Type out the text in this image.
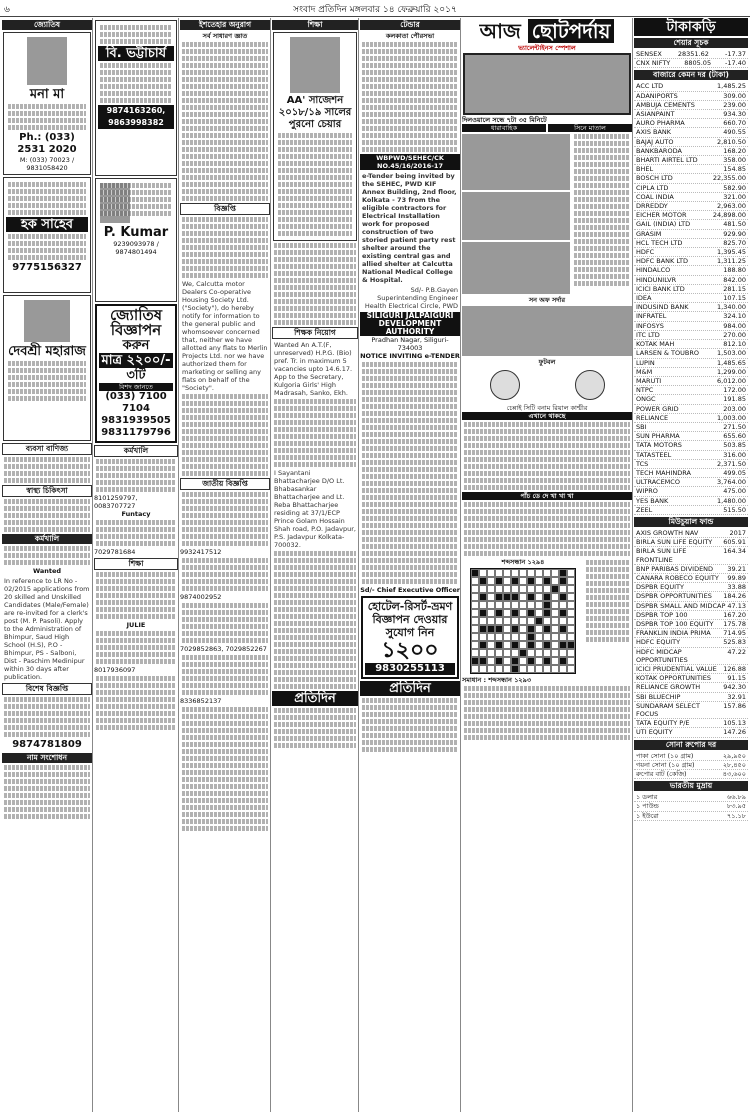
৬	সংবাদ প্রতিদিন মঙ্গলবার ১৪ ফেব্রুয়ারি ২০১৭
জ্যোতিষ
মনা মা
Ph.: (033) 2531 2020
M: (033) 70023 / 9831058420
হক সাহেব
9775156327
দেবশ্রী মহারাজ
ব্যবসা বাণিজ্য
স্বাস্থ্য চিকিৎসা
কর্মখালি
Wanted

In reference to LR No - 02/2015 applications from 20 skilled and Unskilled Candidates (Male/Female) are re-invited for a clerk's post (M. P. Pasoli). Apply to the Administration of Bhimpur, Saud High School (H.S), P.O - Bhimpur, PS - Salboni, Dist - Paschim Medinipur within 30 days after publication.

বিশেষ বিজ্ঞপ্তি
9874781809
নাম সংশোধন
বি. ভট্টাচার্য
9874163260, 9863998382
P. Kumar
9239093978 / 9874801494
জ্যোতিষ
বিজ্ঞাপন
করুন
মাত্র ২২০০/-
৩টি
বিশদ জানতে
(033) 7100 7104
9831939505
9831179796
কর্মখালি
8101259797, 0083707727
Funtacy
7029781684
শিক্ষা
JULIE
8017936097
ইশতেহার অনুরাগ
সর্ব সাধারণ জ্ঞাত
বিজ্ঞপ্তি

We, Calcutta motor Dealers Co-operative Housing Society Ltd. ("Society"), do hereby notify for information to the general public and whomsoever concerned that, neither we have allotted any flats to Merlin Projects Ltd. nor we have authorized them for marketing or selling any flats on behalf of the "Society".

জাতীয় বিজ্ঞপ্তি
9932417512
9874002952
7029852863, 7029852267
8336852137
শিক্ষা
AA' সাজেশন ২০১৮/১৯ সালের পুরনো চেয়ার
শিক্ষক নিয়োগ

Wanted An A.T.(F, unreserved) H.P.G. (Bio) pref. Tr. in maximum 5 vacancies upto 14.6.17. App to the Secretary, Kulgoria Girls' High Madrasah, Sanko, Ekh.

I Sayantani Bhattacharjee D/O Lt. Bhabasankar Bhattacharjee and Lt. Reba Bhattacharjee residing at 37/1/ECP Prince Golam Hossain Shah road, P.O. Jadavpur, P.S. Jadavpur Kolkata-700032.

প্রতিদিন
টেন্ডার
কলকাতা পৌরসভা
WBPWD/SEHEC/CK NO.45/16/2016-17

e-Tender being invited by the SEHEC, PWD KIF Annex Building, 2nd floor, Kolkata - 73 from the eligible contractors for Electrical Installation work for proposed construction of two storied patient party rest shelter around the existing central gas and allied shelter at Calcutta National Medical College & Hospital.

Sd/- P.B.Gayen Superintending Engineer Health Electrical Circle, PWD

SILIGURI JALPAIGURI DEVELOPMENT AUTHORITY
Pradhan Nagar, Siliguri-734003
NOTICE INVITING e-TENDER
Sd/- Chief Executive Officer
হোটেল-রিসর্ট-ভ্রমণ বিজ্ঞাপন দেওয়ার সুযোগ নিন
১২০০
9830255113
প্রতিদিন
আজ ছোটপর্দায়
ভ্যালেন্টাইনস স্পেশাল
দিলওয়ালে সন্ধে ৭টা ৩৫ মিনিটে
ধারাবাহিক	সিনে মাতাল
সন অফ সর্দার
ফুটবল
চেন্নাই সিটি বনাম রিয়াল কাশ্মীর
এখানে থাকছে
পাঁচ ডে দে খা খা খা
শব্দসন্ধান ১২৯৪
সমাধান : শব্দসন্ধান ১২৯৩
টাকাকড়ি
শেয়ার সূচক
SENSEX 28351.62 -17.37
CNX NIFTY 8805.05 -17.40
বাজারে কেমন দর (টাকা)
ACC LTD	1,485.25
ADANIPORTS	309.00
AMBUJA CEMENTS	239.00
ASIANPAINT	934.30
AURO PHARMA	660.70
AXIS BANK	490.55
BAJAJ AUTO	2,810.50
BANKBARODA	168.20
BHARTI AIRTEL LTD	358.00
BHEL	154.85
BOSCH LTD	22,355.00
CIPLA LTD	582.90
COAL INDIA	321.00
DRREDDY	2,963.00
EICHER MOTOR	24,898.00
GAIL (INDIA) LTD	481.50
GRASIM	929.90
HCL TECH LTD	825.70
HDFC	1,395.45
HDFC BANK LTD	1,311.25
HINDALCO	188.80
HINDUNILVR	842.00
ICICI BANK LTD	281.15
IDEA	107.15
INDUSIND BANK	1,340.00
INFRATEL	324.10
INFOSYS	984.00
ITC LTD	270.00
KOTAK MAH	812.10
LARSEN & TOUBRO	1,503.00
LUPIN	1,485.65
M&M	1,299.00
MARUTI	6,012.00
NTPC	172.00
ONGC	191.85
POWER GRID	203.00
RELIANCE	1,003.00
SBI	271.50
SUN PHARMA	655.60
TATA MOTORS	503.85
TATASTEEL	316.00
TCS	2,371.50
TECH MAHINDRA	499.05
ULTRACEMCO	3,764.00
WIPRO	475.00
YES BANK	1,480.00
ZEEL	515.50
মিউচুয়াল ফান্ড
AXIS GROWTH NAV	2017
BIRLA SUN LIFE EQUITY 605.91
BIRLA SUN LIFE FRONTLINE
164.34
BNP PARIBAS DIVIDEND 39.21
CANARA ROBECO EQUITY 99.89
DSPBR EQUITY	33.88
DSPBR OPPORTUNITIES 184.26
DSPBR SMALL AND MIDCAP 47.13
DSPBR TOP 100	167.20
DSPBR TOP 100 EQUITY 175.78
FRANKLIN INDIA PRIMA 714.95
HDFC EQUITY	525.83
HDFC MIDCAP OPPORTUNITIES
47.22
ICICI PRUDENTIAL VALUE 126.88
KOTAK OPPORTUNITIES	91.15
RELIANCE GROWTH	942.30
SBI BLUECHIP	32.91
SUNDARAM SELECT FOCUS
157.86
TATA EQUITY P/E	105.13
UTI EQUITY	147.26
সোনা রুপোর দর
পাকা সোনা (১০ গ্রাম)	২৯,৯৫০
গয়না সোনা (১০ গ্রাম)	২৮,৪৫০
রুপোর বাট (কেজি)	৪৩,৬০০
ভারতীয় মুদ্রায়
১ ডলার	৬৬.৮৯
১ পাউন্ড	৮৩.৯৫
১ ইউরো	৭১.১৮
